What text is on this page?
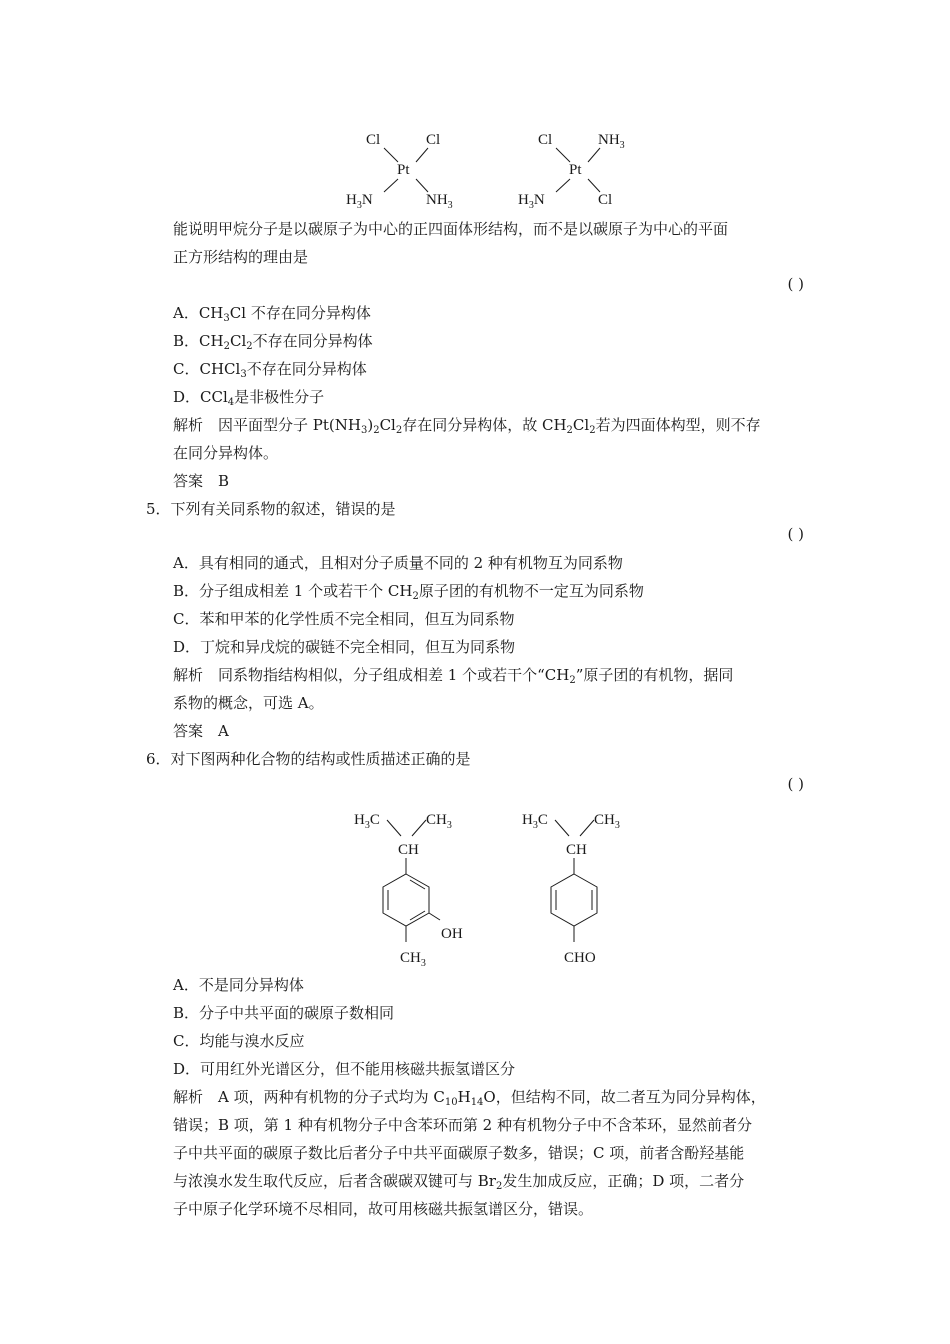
Cl	Cl
Pt
$H_3N$	$NH_3$
Cl	$NH_3$
Pt
$H_3N$	Cl
能说明甲烷分子是以碳原子为中心的正四面体形结构，而不是以碳原子为中心的平面
正方形结构的理由是
( )
A．$CH_3Cl$ 不存在同分异构体
B．$CH_2Cl_2$不存在同分异构体
C．CHCl$_3$不存在同分异构体
D．CCl$_4$是非极性分子
解析　因平面型分子 $Pt(NH_3)_2Cl_2$存在同分异构体，故 $CH_2Cl_2$若为四面体构型，则不存
在同分异构体。
答案　B
5．下列有关同系物的叙述，错误的是
( )
A．具有相同的通式，且相对分子质量不同的 2 种有机物互为同系物
B．分子组成相差 1 个或若干个 $CH_2$原子团的有机物不一定互为同系物
C．苯和甲苯的化学性质不完全相同，但互为同系物
D．丁烷和异戊烷的碳链不完全相同，但互为同系物
解析　同系物指结构相似，分子组成相差 1 个或若干个“$CH_2$”原子团的有机物，据同
系物的概念，可选 A。
答案　A
6．对下图两种化合物的结构或性质描述正确的是
( )
$H_3C$	$CH_3$
CH
OH
$CH_3$
$H_3C$	$CH_3$
CH
CHO
A．不是同分异构体
B．分子中共平面的碳原子数相同
C．均能与溴水反应
D．可用红外光谱区分，但不能用核磁共振氢谱区分
解析　A 项，两种有机物的分子式均为 $C_{10}H_{14}O$，但结构不同，故二者互为同分异构体，
错误；B 项，第 1 种有机物分子中含苯环而第 2 种有机物分子中不含苯环，显然前者分
子中共平面的碳原子数比后者分子中共平面碳原子数多，错误；C 项，前者含酚羟基能
与浓溴水发生取代反应，后者含碳碳双键可与 $Br_2$发生加成反应，正确；D 项，二者分
子中原子化学环境不尽相同，故可用核磁共振氢谱区分，错误。
